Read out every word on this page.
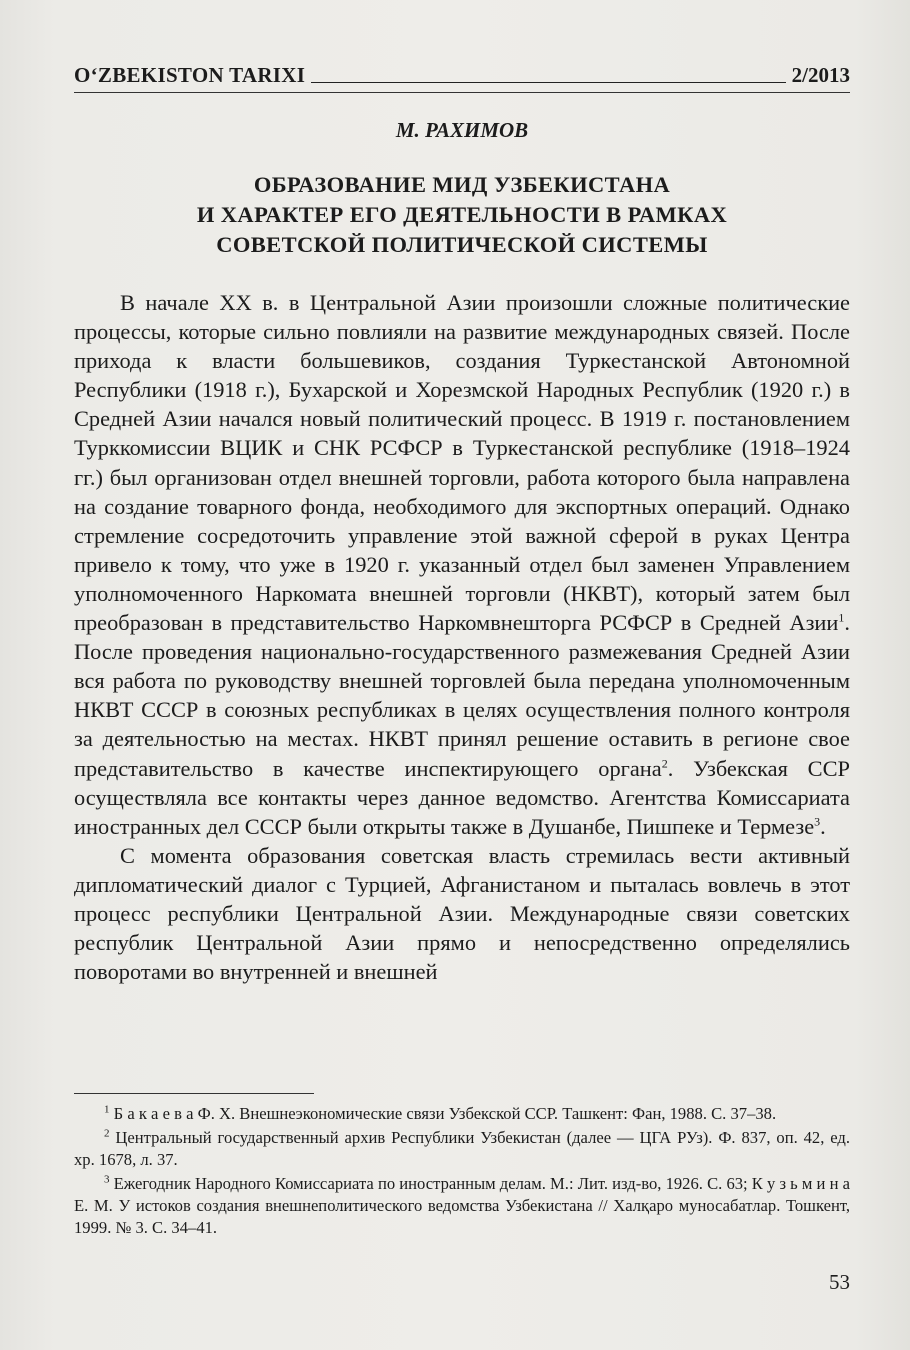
O‘ZBEKISTON TARIXI	2/2013
М. РАХИМОВ
ОБРАЗОВАНИЕ МИД УЗБЕКИСТАНА
И ХАРАКТЕР ЕГО ДЕЯТЕЛЬНОСТИ В РАМКАХ
СОВЕТСКОЙ ПОЛИТИЧЕСКОЙ СИСТЕМЫ

В начале XX в. в Центральной Азии произошли сложные политические процессы, которые сильно повлияли на развитие международных связей. После прихода к власти большевиков, создания Туркестанской Автономной Республики (1918 г.), Бухарской и Хорезмской Народных Республик (1920 г.) в Средней Азии начался новый политический процесс. В 1919 г. постановлением Турккомиссии ВЦИК и СНК РСФСР в Туркестанской республике (1918–1924 гг.) был организован отдел внешней торговли, работа которого была направлена на создание товарного фонда, необходимого для экспортных операций. Однако стремление сосредоточить управление этой важной сферой в руках Центра привело к тому, что уже в 1920 г. указанный отдел был заменен Управлением уполномоченного Наркомата внешней торговли (НКВТ), который затем был преобразован в представительство Наркомвнешторга РСФСР в Средней Азии$^1$. После проведения национально-государственного размежевания Средней Азии вся работа по руководству внешней торговлей была передана уполномоченным НКВТ СССР в союзных республиках в целях осуществления полного контроля за деятельностью на местах. НКВТ принял решение оставить в регионе свое представительство в качестве инспектирующего органа$^2$. Узбекская ССР осуществляла все контакты через данное ведомство. Агентства Комиссариата иностранных дел СССР были открыты также в Душанбе, Пишпеке и Термезе$^3$.

С момента образования советская власть стремилась вести активный дипломатический диалог с Турцией, Афганистаном и пыталась вовлечь в этот процесс республики Центральной Азии. Международные связи советских республик Центральной Азии прямо и непосредственно определялись поворотами во внутренней и внешней

$^1$ Б а к а е в а Ф. Х. Внешнеэкономические связи Узбекской ССР. Ташкент: Фан, 1988. С. 37–38.

$^2$ Центральный государственный архив Республики Узбекистан (далее — ЦГА РУз). Ф. 837, оп. 42, ед. хр. 1678, л. 37.

$^3$ Ежегодник Народного Комиссариата по иностранным делам. М.: Лит. изд-во, 1926. С. 63; К у з ь м и н а Е. М. У истоков создания внешнеполитического ведомства Узбекистана // Халқаро муносабатлар. Тошкент, 1999. № 3. С. 34–41.

53
